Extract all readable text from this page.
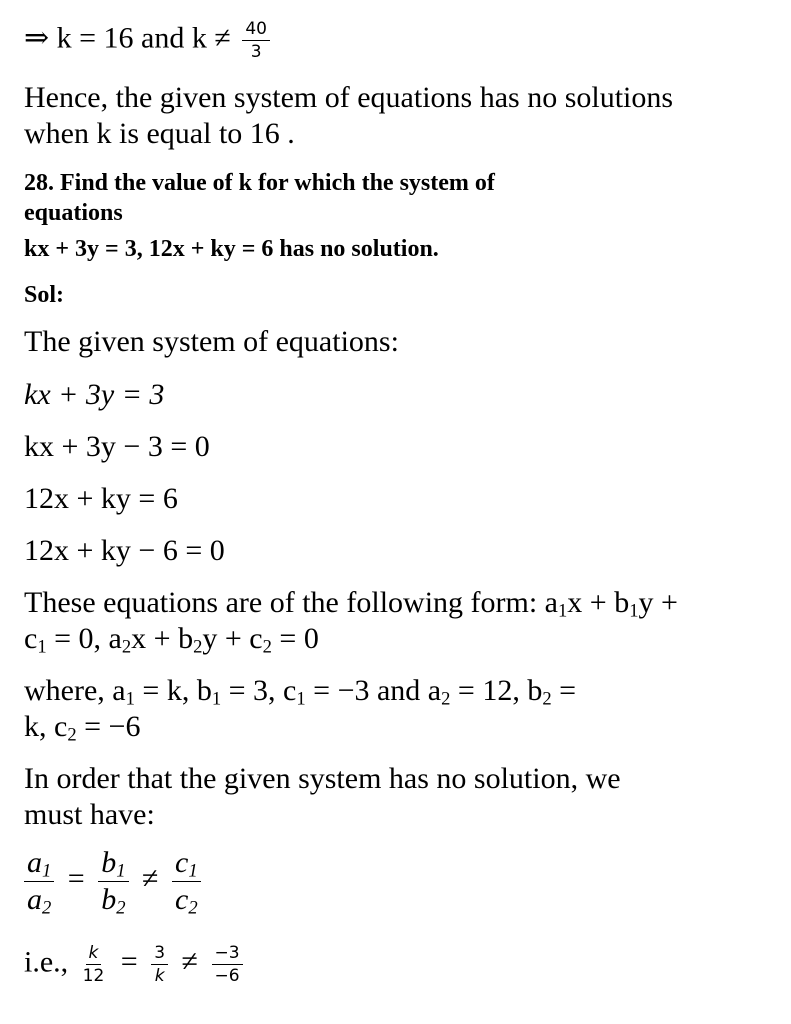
⇒ k = 16 and $k \ne \frac{40}{3}$
Hence, the given system of equations has no solutions
when k is equal to 16 .
28. Find the value of k for which the system of
equations
kx + 3y = 3, 12x + ky = 6 has no solution.
Sol:
The given system of equations:
kx + 3y = 3
kx + 3y − 3 = 0
12x + ky = 6
12x + ky − 6 = 0
These equations are of the following form: $a_1x + b_1y$ +
$c_1 = 0$, $a_2x + b_2y + c_2 = 0$
where, $a_1 = k$, $b_1 = 3$, $c_1 = -3$ and $a_2 = 12$, $b_2$ =
k, $c_2 = -6$
In order that the given system has no solution, we
must have:
$\frac{a_1}{a_2} = \frac{b_1}{b_2} \ne \frac{c_1}{c_2}$
i.e., $\frac{k}{12} = \frac{3}{k} \ne \frac{-3}{-6}$
